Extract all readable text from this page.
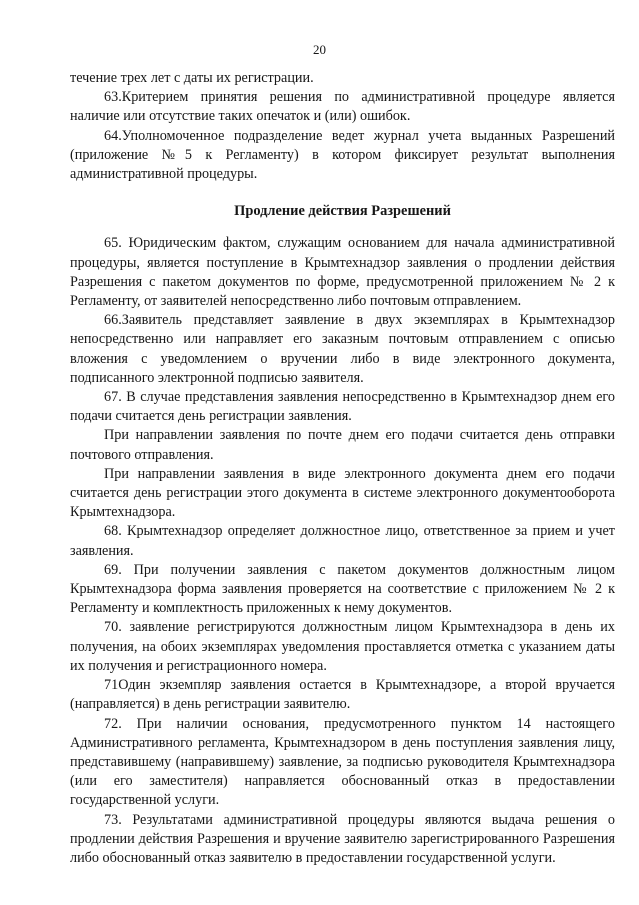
20

течение трех лет с даты их регистрации.

63.Критерием принятия решения по административной процедуре является наличие или отсутствие таких опечаток и (или) ошибок.

64.Уполномоченное подразделение ведет журнал учета выданных Разрешений (приложение №5 к Регламенту) в котором фиксирует результат выполнения административной процедуры.

Продление действия Разрешений

65. Юридическим фактом, служащим основанием для начала административной процедуры, является поступление в Крымтехнадзор заявления о продлении действия Разрешения с пакетом документов по форме, предусмотренной приложением № 2 к Регламенту, от заявителей непосредственно либо почтовым отправлением.

66.Заявитель представляет заявление в двух экземплярах в Крымтехнадзор непосредственно или направляет его заказным почтовым отправлением с описью вложения с уведомлением о вручении либо в виде электронного документа, подписанного электронной подписью заявителя.

67. В случае представления заявления непосредственно в Крымтехнадзор днем его подачи считается день регистрации заявления.

При направлении заявления по почте днем его подачи считается день отправки почтового отправления.

При направлении заявления в виде электронного документа днем его подачи считается день регистрации этого документа в системе электронного документооборота Крымтехнадзора.

68. Крымтехнадзор определяет должностное лицо, ответственное за прием и учет заявления.

69. При получении заявления с пакетом документов должностным лицом Крымтехнадзора форма заявления проверяется на соответствие с приложением № 2 к Регламенту и комплектность приложенных к нему документов.

70. заявление регистрируются должностным лицом Крымтехнадзора в день их получения, на обоих экземплярах уведомления проставляется отметка с указанием даты их получения и регистрационного номера.

71Один экземпляр заявления остается в Крымтехнадзоре, а второй вручается (направляется) в день регистрации заявителю.

72. При наличии основания, предусмотренного пунктом 14 настоящего Административного регламента, Крымтехнадзором в день поступления заявления лицу, представившему (направившему) заявление, за подписью руководителя Крымтехнадзора (или его заместителя) направляется обоснованный отказ в предоставлении государственной услуги.

73. Результатами административной процедуры являются выдача решения о продлении действия Разрешения и вручение заявителю зарегистрированного Разрешения либо обоснованный отказ заявителю в предоставлении государственной услуги.
